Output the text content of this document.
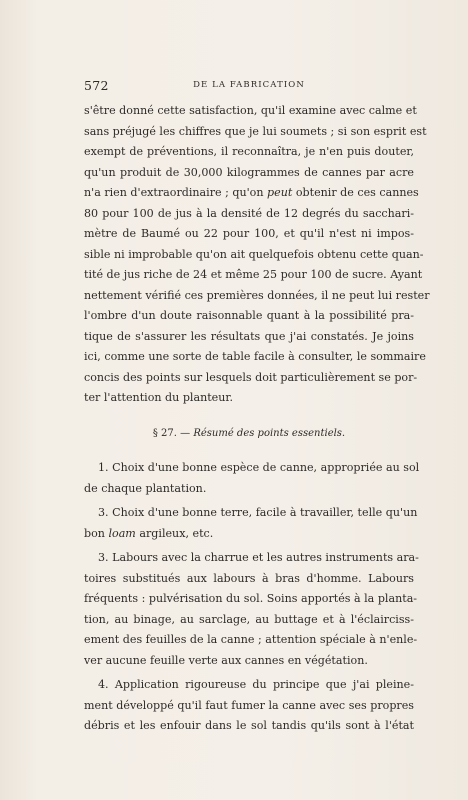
572	DE LA FABRICATION

s'être donné cette satisfaction, qu'il examine avec calme et
sans préjugé les chiffres que je lui soumets ; si son esprit est
exempt de préventions, il reconnaîtra, je n'en puis douter,
qu'un produit de 30,000 kilogrammes de cannes par acre
n'a rien d'extraordinaire ; qu'on peut obtenir de ces cannes
80 pour 100 de jus à la densité de 12 degrés du sacchari-
mètre de Baumé ou 22 pour 100, et qu'il n'est ni impos-
sible ni improbable qu'on ait quelquefois obtenu cette quan-
tité de jus riche de 24 et même 25 pour 100 de sucre. Ayant
nettement vérifié ces premières données, il ne peut lui rester
l'ombre d'un doute raisonnable quant à la possibilité pra-
tique de s'assurer les résultats que j'ai constatés. Je joins
ici, comme une sorte de table facile à consulter, le sommaire
concis des points sur lesquels doit particulièrement se por-
ter l'attention du planteur.

§ 27. — Résumé des points essentiels.

1. Choix d'une bonne espèce de canne, appropriée au sol
de chaque plantation.

3. Choix d'une bonne terre, facile à travailler, telle qu'un
bon loam argileux, etc.

3. Labours avec la charrue et les autres instruments ara-
toires substitués aux labours à bras d'homme. Labours
fréquents : pulvérisation du sol. Soins apportés à la planta-
tion, au binage, au sarclage, au buttage et à l'éclairciss-
ement des feuilles de la canne ; attention spéciale à n'enle-
ver aucune feuille verte aux cannes en végétation.

4. Application rigoureuse du principe que j'ai pleine-
ment développé qu'il faut fumer la canne avec ses propres
débris et les enfouir dans le sol tandis qu'ils sont à l'état
